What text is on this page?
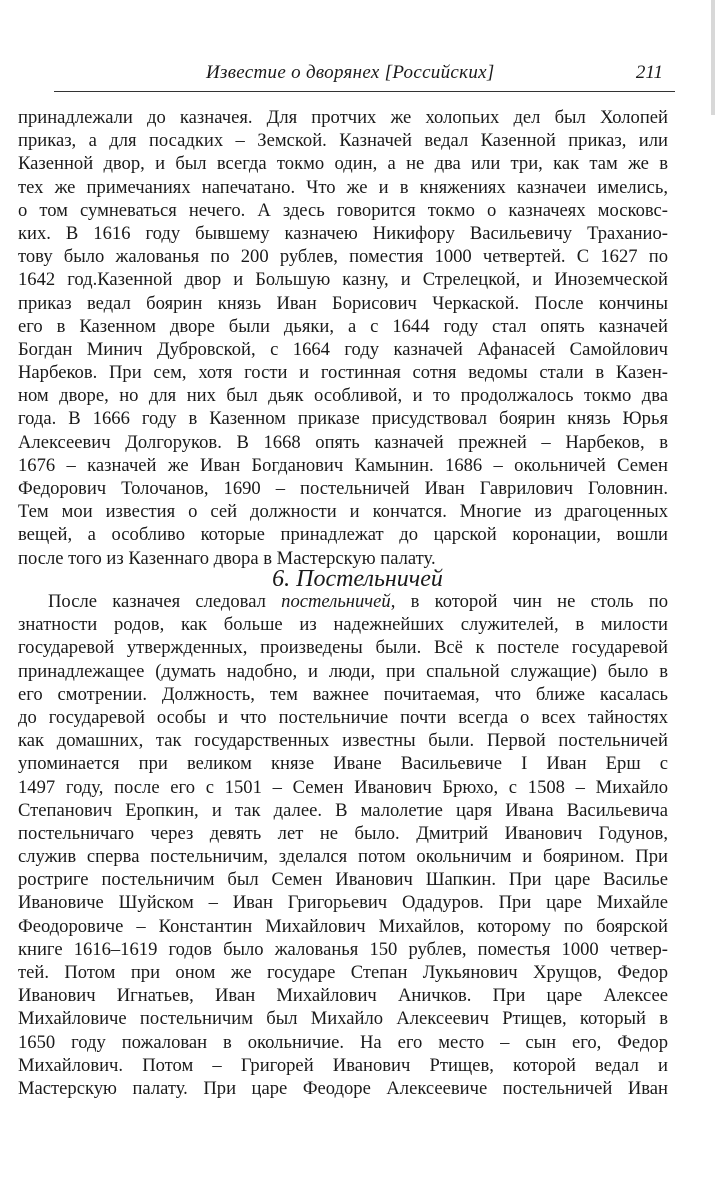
Известие о дворянех [Российских]	211
принадлежали до казначея. Для протчих же холопьих дел был Холопей
приказ, а для посадких – Земской. Казначей ведал Казенной приказ, или
Казенной двор, и был всегда токмо один, а не два или три, как там же в
тех же примечаниях напечатано. Что же и в княжениях казначеи имелись,
о том сумневаться нечего. А здесь говорится токмо о казначеях московс-
ких. В 1616 году бывшему казначею Никифору Васильевичу Траханио-
тову было жалованья по 200 рублев, поместия 1000 четвертей. С 1627 по
1642 год.Казенной двор и Большую казну, и Стрелецкой, и Иноземческой
приказ ведал боярин князь Иван Борисович Черкаской. После кончины
его в Казенном дворе были дьяки, а с 1644 году стал опять казначей
Богдан Минич Дубровской, с 1664 году казначей Афанасей Самойлович
Нарбеков. При сем, хотя гости и гостинная сотня ведомы стали в Казен-
ном дворе, но для них был дьяк особливой, и то продолжалось токмо два
года. В 1666 году в Казенном приказе присудствовал боярин князь Юрья
Алексеевич Долгоруков. В 1668 опять казначей прежней – Нарбеков, в
1676 – казначей же Иван Богданович Камынин. 1686 – окольничей Семен
Федорович Толочанов, 1690 – постельничей Иван Гаврилович Головнин.
Тем мои известия о сей должности и кончатся. Многие из драгоценных
вещей, а особливо которые принадлежат до царской коронации, вошли
после того из Казеннаго двора в Мастерскую палату.
6. Постельничей
После казначея следовал постельничей, в которой чин не столь по
знатности родов, как больше из надежнейших служителей, в милости
государевой утвержденных, произведены были. Всё к постеле государевой
принадлежащее (думать надобно, и люди, при спальной служащие) было в
его смотрении. Должность, тем важнее почитаемая, что ближе касалась
до государевой особы и что постельничие почти всегда о всех тайностях
как домашних, так государственных известны были. Первой постельничей
упоминается при великом князе Иване Васильевиче I Иван Ерш с
1497 году, после его с 1501 – Семен Иванович Брюхо, с 1508 – Михайло
Степанович Еропкин, и так далее. В малолетие царя Ивана Васильевича
постельничаго через девять лет не было. Дмитрий Иванович Годунов,
служив сперва постельничим, зделался потом окольничим и боярином. При
ростриге постельничим был Семен Иванович Шапкин. При царе Василье
Ивановиче Шуйском – Иван Григорьевич Одадуров. При царе Михайле
Феодоровиче – Константин Михайлович Михайлов, которому по боярской
книге 1616–1619 годов было жалованья 150 рублев, поместья 1000 четвер-
тей. Потом при оном же государе Степан Лукьянович Хрущов, Федор
Иванович Игнатьев, Иван Михайлович Аничков. При царе Алексее
Михайловиче постельничим был Михайло Алексеевич Ртищев, который в
1650 году пожалован в окольничие. На его место – сын его, Федор
Михайлович. Потом – Григорей Иванович Ртищев, которой ведал и
Мастерскую палату. При царе Феодоре Алексеевиче постельничей Иван
